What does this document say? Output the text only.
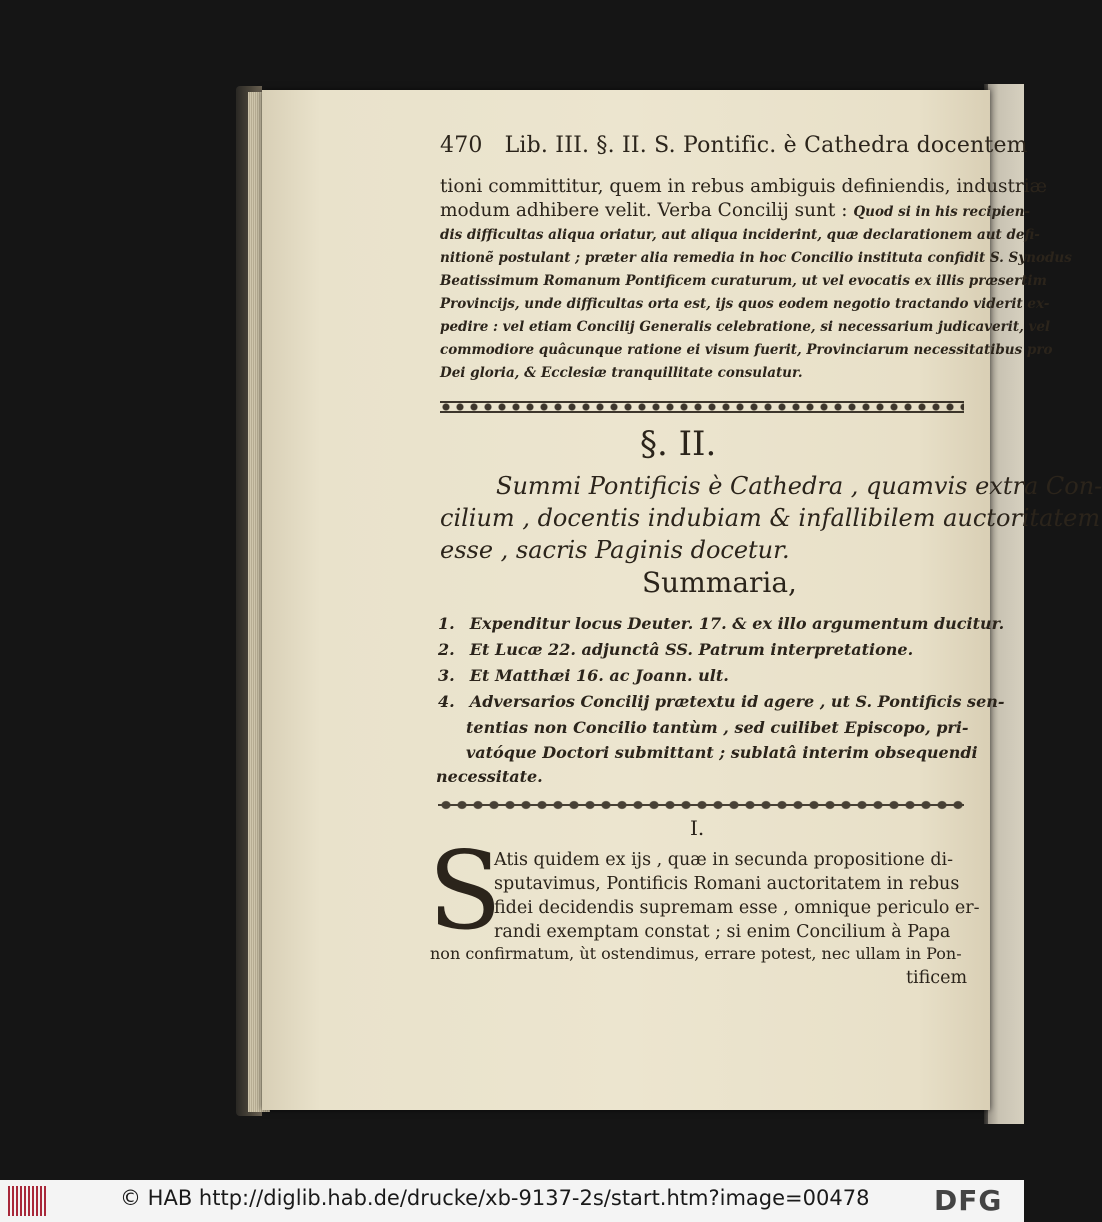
470 Lib. III. §. II. S. Pontific. è Cathedra docentem
tioni committitur, quem in rebus ambiguis definiendis, industriæ
modum adhibere velit. Verba Concilij sunt : Quod si in his recipien-
dis difficultas aliqua oriatur, aut aliqua inciderint, quæ declarationem aut defi-
nitionẽ postulant ; præter alia remedia in hoc Concilio instituta confidit S. Synodus
Beatissimum Romanum Pontificem curaturum, ut vel evocatis ex illis præsertim
Provincijs, unde difficultas orta est, ijs quos eodem negotio tractando viderit ex-
pedire : vel etiam Concilij Generalis celebratione, si necessarium judicaverit, vel
commodiore quâcunque ratione ei visum fuerit, Provinciarum necessitatibus pro
Dei gloria, & Ecclesiæ tranquillitate consulatur.
§. II.
Summi Pontificis è Cathedra , quamvis extra Con-
cilium , docentis indubiam & infallibilem auctoritatem
esse , sacris Paginis docetur.
Summaria,
1. Expenditur locus Deuter. 17. & ex illo argumentum ducitur.
2. Et Lucæ 22. adjunctâ SS. Patrum interpretatione.
3. Et Matthæi 16. ac Joann. ult.
4. Adversarios Concilij prætextu id agere , ut S. Pontificis sen-
tentias non Concilio tantùm , sed cuilibet Episcopo, pri-
vatóque Doctori submittant ; sublatâ interim obsequendi
necessitate.
I.
S
Atis quidem ex ijs , quæ in secunda propositione di-
sputavimus, Pontificis Romani auctoritatem in rebus
fidei decidendis supremam esse , omnique periculo er-
randi exemptam constat ; si enim Concilium à Papa
non confirmatum, ùt ostendimus, errare potest, nec ullam in Pon-
tificem
© HAB http://diglib.hab.de/drucke/xb-9137-2s/start.htm?image=00478 DFG
